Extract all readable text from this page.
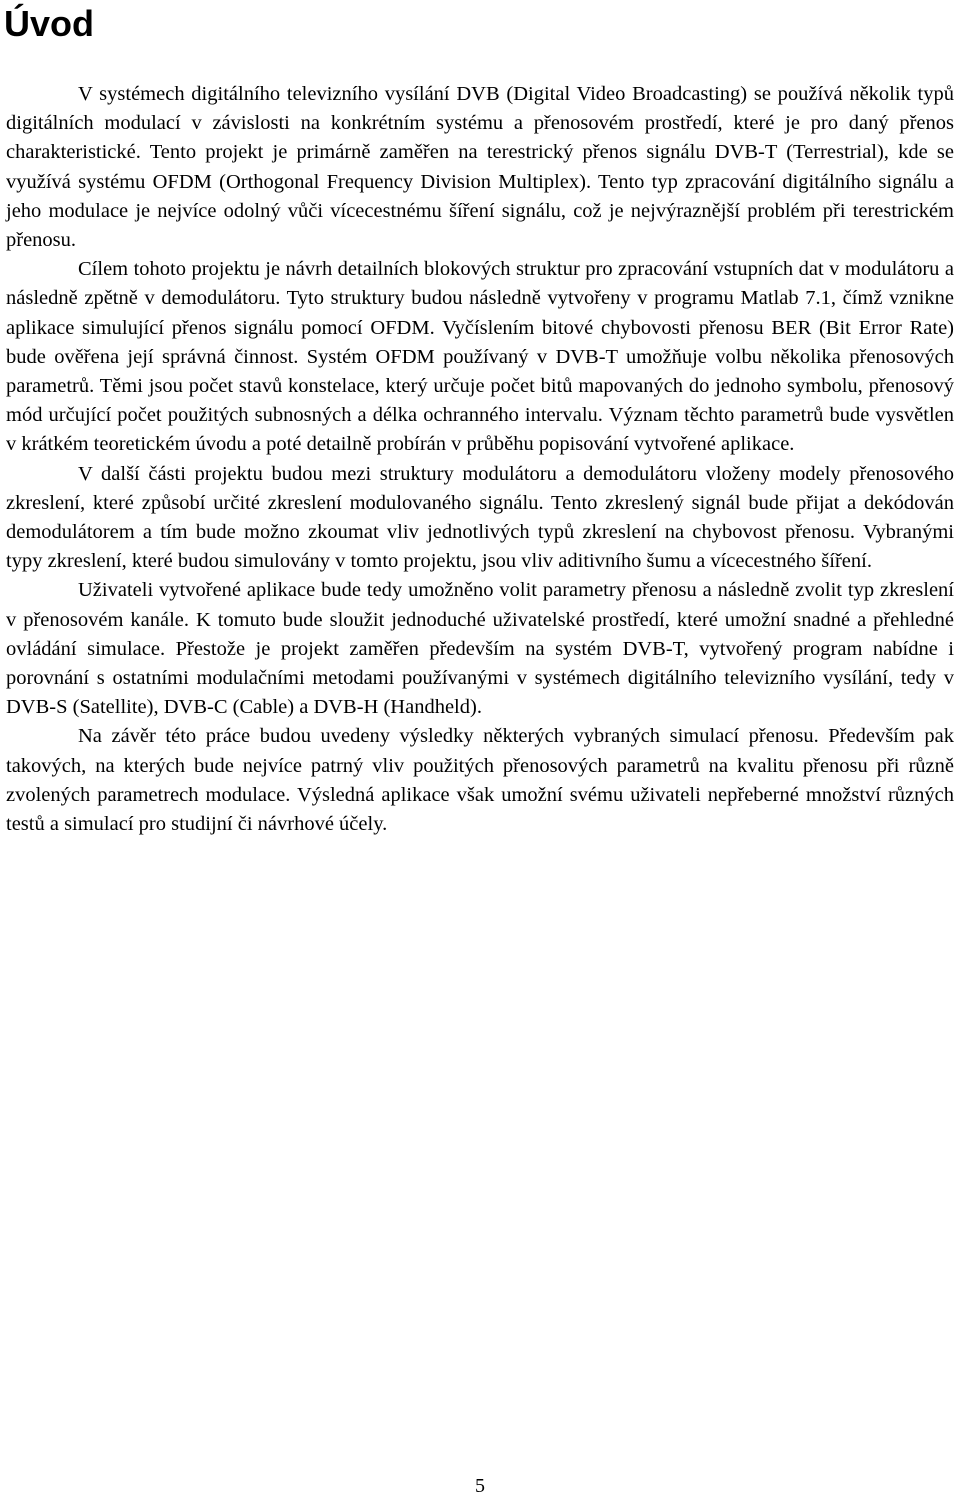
Úvod

V systémech digitálního televizního vysílání DVB (Digital Video Broadcasting) se používá několik typů digitálních modulací v závislosti na konkrétním systému a přenosovém prostředí, které je pro daný přenos charakteristické. Tento projekt je primárně zaměřen na terestrický přenos signálu DVB-T (Terrestrial), kde se využívá systému OFDM (Orthogonal Frequency Division Multiplex). Tento typ zpracování digitálního signálu a jeho modulace je nejvíce odolný vůči vícecestnému šíření signálu, což je nejvýraznější problém při terestrickém přenosu.

Cílem tohoto projektu je návrh detailních blokových struktur pro zpracování vstupních dat v modulátoru a následně zpětně v demodulátoru. Tyto struktury budou následně vytvořeny v programu Matlab 7.1, čímž vznikne aplikace simulující přenos signálu pomocí OFDM. Vyčíslením bitové chybovosti přenosu BER (Bit Error Rate) bude ověřena její správná činnost. Systém OFDM používaný v DVB-T umožňuje volbu několika přenosových parametrů. Těmi jsou počet stavů konstelace, který určuje počet bitů mapovaných do jednoho symbolu, přenosový mód určující počet použitých subnosných a délka ochranného intervalu. Význam těchto parametrů bude vysvětlen v krátkém teoretickém úvodu a poté detailně probírán v průběhu popisování vytvořené aplikace.

V další části projektu budou mezi struktury modulátoru a demodulátoru vloženy modely přenosového zkreslení, které způsobí určité zkreslení modulovaného signálu. Tento zkreslený signál bude přijat a dekódován demodulátorem a tím bude možno zkoumat vliv jednotlivých typů zkreslení na chybovost přenosu. Vybranými typy zkreslení, které budou simulovány v tomto projektu, jsou vliv aditivního šumu a vícecestného šíření.

Uživateli vytvořené aplikace bude tedy umožněno volit parametry přenosu a následně zvolit typ zkreslení v přenosovém kanále. K tomuto bude sloužit jednoduché uživatelské prostředí, které umožní snadné a přehledné ovládání simulace. Přestože je projekt zaměřen především na systém DVB-T, vytvořený program nabídne i porovnání s ostatními modulačními metodami používanými v systémech digitálního televizního vysílání, tedy v DVB-S (Satellite), DVB-C (Cable) a DVB-H (Handheld).

Na závěr této práce budou uvedeny výsledky některých vybraných simulací přenosu. Především pak takových, na kterých bude nejvíce patrný vliv použitých přenosových parametrů na kvalitu přenosu při různě zvolených parametrech modulace. Výsledná aplikace však umožní svému uživateli nepřeberné množství různých testů a simulací pro studijní či návrhové účely.

5
